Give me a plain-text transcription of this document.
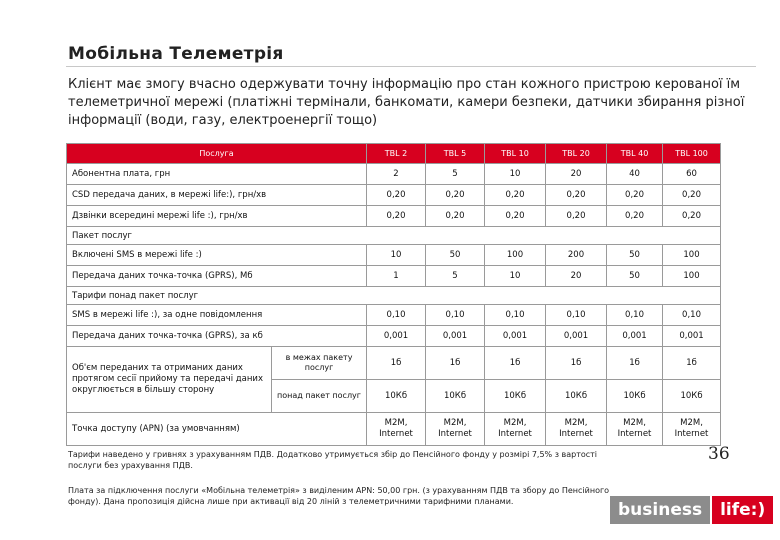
Мобільна Телеметрія
Клієнт має змогу вчасно одержувати точну інформацію про стан кожного пристрою керованої їм телеметричної мережі (платіжні термінали, банкомати, камери безпеки, датчики збирання різної інформації (води, газу, електроенергії тощо)
Послуга		TBL 2	TBL 5	TBL 10	TBL 20	TBL 40	TBL 100
Абонентна плата, грн		2	5	10	20	40	60
CSD передача даних, в мережі life:), грн/хв		0,20	0,20	0,20	0,20	0,20	0,20
Дзвінки всередині мережі life :), грн/хв		0,20	0,20	0,20	0,20	0,20	0,20
Пакет послуг							
Включені SMS в мережі life :)		10	50	100	200	50	100
Передача даних точка-точка (GPRS), Мб		1	5	10	20	50	100
Тарифи понад пакет послуг							
SMS в мережі life :), за одне повідомлення		0,10	0,10	0,10	0,10	0,10	0,10
Передача даних точка-точка (GPRS), за кб		0,001	0,001	0,001	0,001	0,001	0,001
Об'єм переданих та отриманих даних протягом сесії прийому та передачі даних округлюється в більшу сторону	в межах пакету послуг	1б	1б	1б	1б	1б	1б
	понад пакет послуг	10Кб	10Кб	10Кб	10Кб	10Кб	10Кб
Точка доступу (APN) (за умовчанням)		M2M, Internet	M2M, Internet	M2M, Internet	M2M, Internet	M2M, Internet	M2M, Internet
Тарифи наведено у гривнях з урахуванням ПДВ. Додатково утримується збір до Пенсійного фонду у розмірі 7,5% з вартості послуги без урахування ПДВ.
36
Плата за підключення послуги «Мобільна телеметрія» з виділеним APN: 50,00 грн. (з урахуванням ПДВ та збору до Пенсійного фонду). Дана пропозиція дійсна лише при активації від 20 ліній з телеметричними тарифними планами.	business	life:)
